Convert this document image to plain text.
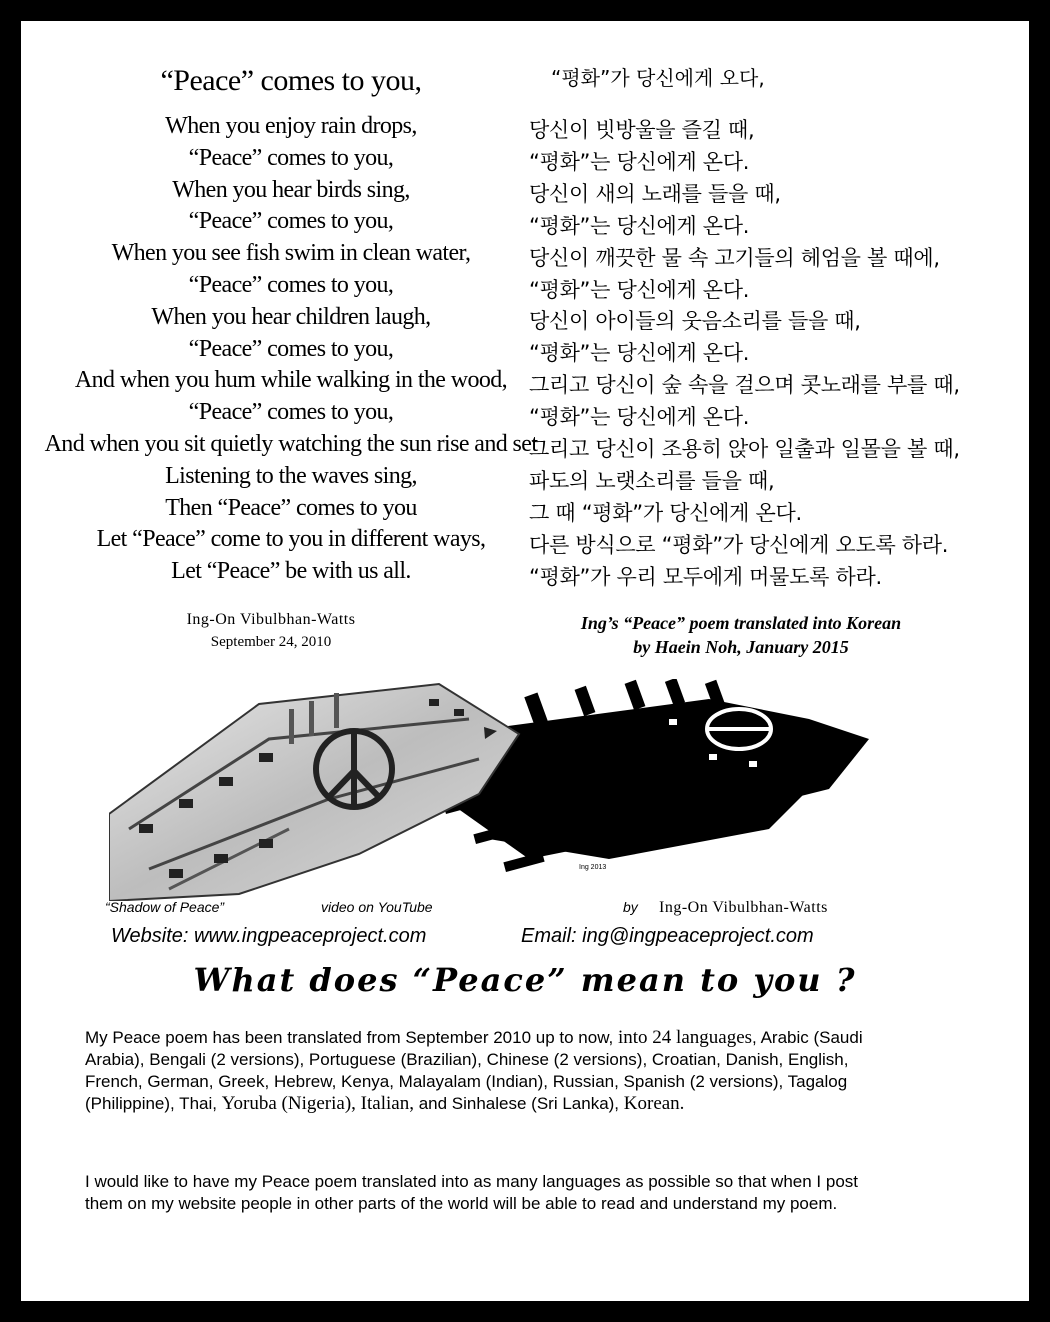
“Peace” comes to you,
When you enjoy rain drops,
“Peace” comes to you,
When you hear birds sing,
“Peace” comes to you,
When you see fish swim in clean water,
“Peace” comes to you,
When you hear children laugh,
“Peace” comes to you,
And when you hum while walking in the wood,
“Peace” comes to you,
And when you sit quietly watching the sun rise and set
Listening to the waves sing,
Then “Peace” comes to you
Let “Peace” come to you in different ways,
Let “Peace” be with us all.
“평화”가 당신에게 오다,
당신이 빗방울을 즐길 때,
“평화”는 당신에게 온다.
당신이 새의 노래를 들을 때,
“평화”는 당신에게 온다.
당신이 깨끗한 물 속 고기들의 헤엄을 볼 때에,
“평화”는 당신에게 온다.
당신이 아이들의 웃음소리를 들을 때,
“평화”는 당신에게 온다.
그리고 당신이 숲 속을 걸으며 콧노래를 부를 때,
“평화”는 당신에게 온다.
그리고 당신이 조용히 앉아 일출과 일몰을 볼 때,
파도의 노랫소리를 들을 때,
그 때 “평화”가 당신에게 온다.
다른 방식으로 “평화”가 당신에게 오도록 하라.
“평화”가 우리 모두에게 머물도록 하라.
Ing-On Vibulbhan-Watts
September 24, 2010
Ing’s “Peace” poem translated into Korean
by Haein Noh, January 2015
Ing 2013
“Shadow of Peace”	video on YouTube	by Ing-On Vibulbhan-Watts
Website: www.ingpeaceproject.com	Email: ing@ingpeaceproject.com
What does “Peace” mean to you ?
My Peace poem has been translated from September 2010 up to now, into 24 languages, Arabic (Saudi Arabia), Bengali (2 versions), Portuguese (Brazilian), Chinese (2 versions), Croatian, Danish, English, French, German, Greek, Hebrew, Kenya, Malayalam (Indian), Russian, Spanish (2 versions), Tagalog (Philippine), Thai, Yoruba (Nigeria), Italian, and Sinhalese (Sri Lanka), Korean.
I would like to have my Peace poem translated into as many languages as possible so that when I post them on my website people in other parts of the world will be able to read and understand my poem.
